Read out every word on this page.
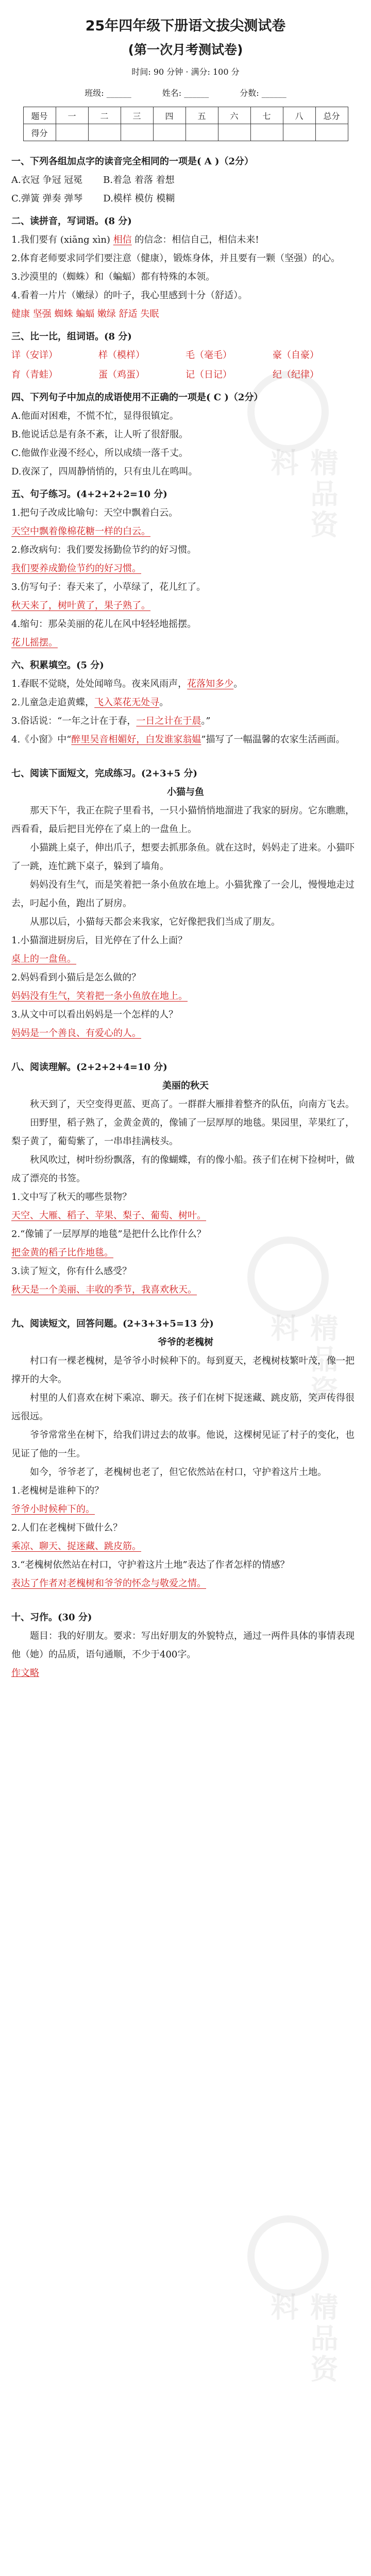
精品资料
精品资料
精品资料
25年四年级下册语文拔尖测试卷
(第一次月考测试卷)
时间: 90 分钟 · 满分: 100 分
班级: ______	姓名: ______	分数: ______
题号	一	二	三	四	五	六	七	八	总分
得分									

一、下列各组加点字的读音完全相同的一项是( A )（2分）

A.衣冠 争冠 冠冕 B.着急 着落 着想
C.弹簧 弹奏 弹琴 D.模样 模仿 模糊

二、读拼音，写词语。(8 分)

1.我们要有 (xiāng xìn) 相信 的信念：相信自己，相信未来!

2.体育老师要求同学们要注意（健康），锻炼身体，并且要有一颗（坚强）的心。

3.沙漠里的（蜘蛛）和（蝙蝠）都有特殊的本领。

4.看着一片片（嫩绿）的叶子，我心里感到十分（舒适）。

健康 坚强 蜘蛛 蝙蝠 嫩绿 舒适 失眠

三、比一比，组词语。(8 分)

详（安详）	样（模样）	毛（毫毛）	豪（自豪）
育（青蛙）	蛋（鸡蛋）	记（日记）	纪（纪律）

四、下列句子中加点的成语使用不正确的一项是( C )（2分）

A.他面对困难，不慌不忙，显得很镇定。

B.他说话总是有条不紊，让人听了很舒服。

C.他做作业漫不经心，所以成绩一落千丈。

D.夜深了，四周静悄悄的，只有虫儿在鸣叫。

五、句子练习。(4+2+2+2=10 分)

1.把句子改成比喻句：天空中飘着白云。

天空中飘着像棉花糖一样的白云。

2.修改病句：我们要发扬勤俭节约的好习惯。

我们要养成勤俭节约的好习惯。

3.仿写句子：春天来了，小草绿了，花儿红了。

秋天来了，树叶黄了，果子熟了。

4.缩句：那朵美丽的花儿在风中轻轻地摇摆。

花儿摇摆。

六、积累填空。(5 分)

1.春眠不觉晓，处处闻啼鸟。夜来风雨声，花落知多少。

2.儿童急走追黄蝶，飞入菜花无处寻。

3.俗话说：“一年之计在于春，一日之计在于晨。”

4.《小窗》中“醉里吴音相媚好，白发谁家翁媪”描写了一幅温馨的农家生活画面。

七、阅读下面短文，完成练习。(2+3+5 分)

小猫与鱼

那天下午，我正在院子里看书，一只小猫悄悄地溜进了我家的厨房。它东瞧瞧，西看看，最后把目光停在了桌上的一盘鱼上。

小猫跳上桌子，伸出爪子，想要去抓那条鱼。就在这时，妈妈走了进来。小猫吓了一跳，连忙跳下桌子，躲到了墙角。

妈妈没有生气，而是笑着把一条小鱼放在地上。小猫犹豫了一会儿，慢慢地走过去，叼起小鱼，跑出了厨房。

从那以后，小猫每天都会来我家，它好像把我们当成了朋友。

1.小猫溜进厨房后，目光停在了什么上面？

桌上的一盘鱼。

2.妈妈看到小猫后是怎么做的？

妈妈没有生气，笑着把一条小鱼放在地上。

3.从文中可以看出妈妈是一个怎样的人？

妈妈是一个善良、有爱心的人。

八、阅读理解。(2+2+2+4=10 分)

美丽的秋天

秋天到了，天空变得更蓝、更高了。一群群大雁排着整齐的队伍，向南方飞去。

田野里，稻子熟了，金黄金黄的，像铺了一层厚厚的地毯。果园里，苹果红了，梨子黄了，葡萄紫了，一串串挂满枝头。

秋风吹过，树叶纷纷飘落，有的像蝴蝶，有的像小船。孩子们在树下捡树叶，做成了漂亮的书签。

1.文中写了秋天的哪些景物？

天空、大雁、稻子、苹果、梨子、葡萄、树叶。

2.“像铺了一层厚厚的地毯”是把什么比作什么？

把金黄的稻子比作地毯。

3.读了短文，你有什么感受？

秋天是一个美丽、丰收的季节，我喜欢秋天。

九、阅读短文，回答问题。(2+3+3+5=13 分)

爷爷的老槐树

村口有一棵老槐树，是爷爷小时候种下的。每到夏天，老槐树枝繁叶茂，像一把撑开的大伞。

村里的人们喜欢在树下乘凉、聊天。孩子们在树下捉迷藏、跳皮筋，笑声传得很远很远。

爷爷常常坐在树下，给我们讲过去的故事。他说，这棵树见证了村子的变化，也见证了他的一生。

如今，爷爷老了，老槐树也老了，但它依然站在村口，守护着这片土地。

1.老槐树是谁种下的？

爷爷小时候种下的。

2.人们在老槐树下做什么？

乘凉、聊天、捉迷藏、跳皮筋。

3.“老槐树依然站在村口，守护着这片土地”表达了作者怎样的情感？

表达了作者对老槐树和爷爷的怀念与敬爱之情。

十、习作。(30 分)

题目：我的好朋友。要求：写出好朋友的外貌特点，通过一两件具体的事情表现他（她）的品质，语句通顺，不少于400字。

作文略
